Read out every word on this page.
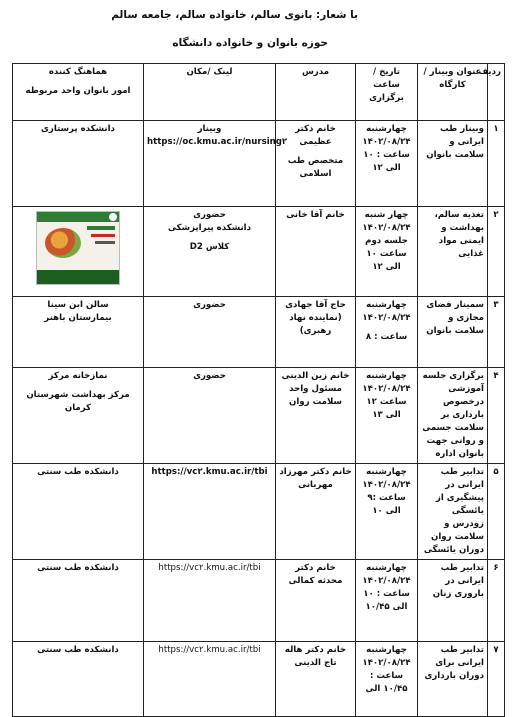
با شعار: بانوی سالم، خانواده سالم، جامعه سالم
حوزه بانوان و خانواده دانشگاه
ردیف	عنوان وبینار / کارگاه	تاریخ / ساعت برگزاری	مدرس	لینک /مکان	هماهنگ کننده
امور بانوان واحد مربوطه

۱	وبینار طب ایرانی و سلامت بانوان	چهارشنبه
۱۴۰۲/۰۸/۲۴
ساعت : ۱۰ الی ۱۲	خانم دکتر عظیمی
متخصص طب اسلامی	وبینار
https://oc.kmu.ac.ir/nursing۲	دانشکده پرستاری
۲	تغذیه سالم، بهداشت و ایمنی مواد غذایی	چهار شنبه
۱۴۰۲/۰۸/۲۴
جلسه دوم
ساعت ۱۰ الی ۱۲	خانم آقا خانی	حضوری
دانشکده پیراپزشکی
کلاس D2	

۳	سمینار فضای مجازی و سلامت بانوان	چهارشنبه
۱۴۰۲/۰۸/۲۴
ساعت : ۸	حاج آقا جهادی
(نماینده نهاد رهبری)	حضوری	سالن ابن سینا
بیمارستان باهنر

۴	برگزاری جلسه آموزشی درخصوص بارداری بر سلامت جسمی و روانی جهت بانوان اداره	چهارشنبه
۱۴۰۲/۰۸/۲۴
ساعت ۱۲ الی ۱۳	خانم زین الدینی
مسئول واحد سلامت روان	حضوری	نمازخانه مرکز
مرکز بهداشت شهرستان کرمان

۵	تدابیر طب ایرانی در پیشگیری از یائسگی زودرس و سلامت روان دوران یائسگی	چهارشنبه
۱۴۰۲/۰۸/۲۴
ساعت :۹ الی ۱۰	خانم دکتر مهرزاد
مهربانی	https://vc۲.kmu.ac.ir/tbi	دانشکده طب سنتی
۶	تدابیر طب ایرانی در باروری زنان	چهارشنبه
۱۴۰۲/۰۸/۲۴
ساعت : ۱۰ الی ۱۰/۴۵	خانم دکتر
محدثه کمالی	https://vc۲.kmu.ac.ir/tbi	دانشکده طب سنتی
۷	تدابیر طب ایرانی برای دوران بارداری	چهارشنبه
۱۴۰۲/۰۸/۲۴
ساعت : ۱۰/۴۵ الی	خانم دکتر هاله
تاج الدینی	https://vc۲.kmu.ac.ir/tbi	دانشکده طب سنتی
